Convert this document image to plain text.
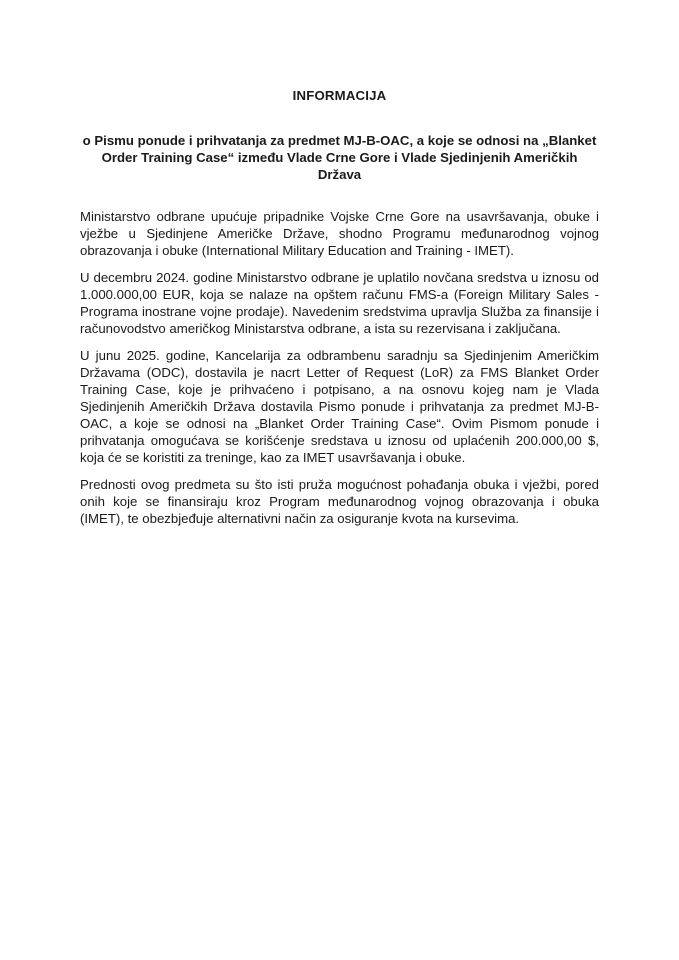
INFORMACIJA
o Pismu ponude i prihvatanja za predmet MJ-B-OAC, a koje se odnosi na „Blanket Order Training Case“ između Vlade Crne Gore i Vlade Sjedinjenih Američkih Država

Ministarstvo odbrane upućuje pripadnike Vojske Crne Gore na usavršavanja, obuke i vježbe u Sjedinjene Američke Države, shodno Programu međunarodnog vojnog obrazovanja i obuke (International Military Education and Training - IMET).

U decembru 2024. godine Ministarstvo odbrane je uplatilo novčana sredstva u iznosu od 1.000.000,00 EUR, koja se nalaze na opštem računu FMS-a (Foreign Military Sales - Programa inostrane vojne prodaje). Navedenim sredstvima upravlja Služba za finansije i računovodstvo američkog Ministarstva odbrane, a ista su rezervisana i zaključana.

U junu 2025. godine, Kancelarija za odbrambenu saradnju sa Sjedinjenim Američkim Državama (ODC), dostavila je nacrt Letter of Request (LoR) za FMS Blanket Order Training Case, koje je prihvaćeno i potpisano, a na osnovu kojeg nam je Vlada Sjedinjenih Američkih Država dostavila Pismo ponude i prihvatanja za predmet MJ-B-OAC, a koje se odnosi na „Blanket Order Training Case“. Ovim Pismom ponude i prihvatanja omogućava se korišćenje sredstava u iznosu od uplaćenih 200.000,00 $, koja će se koristiti za treninge, kao za IMET usavršavanja i obuke.

Prednosti ovog predmeta su što isti pruža mogućnost pohađanja obuka i vježbi, pored onih koje se finansiraju kroz Program međunarodnog vojnog obrazovanja i obuka (IMET), te obezbjeđuje alternativni način za osiguranje kvota na kursevima.
